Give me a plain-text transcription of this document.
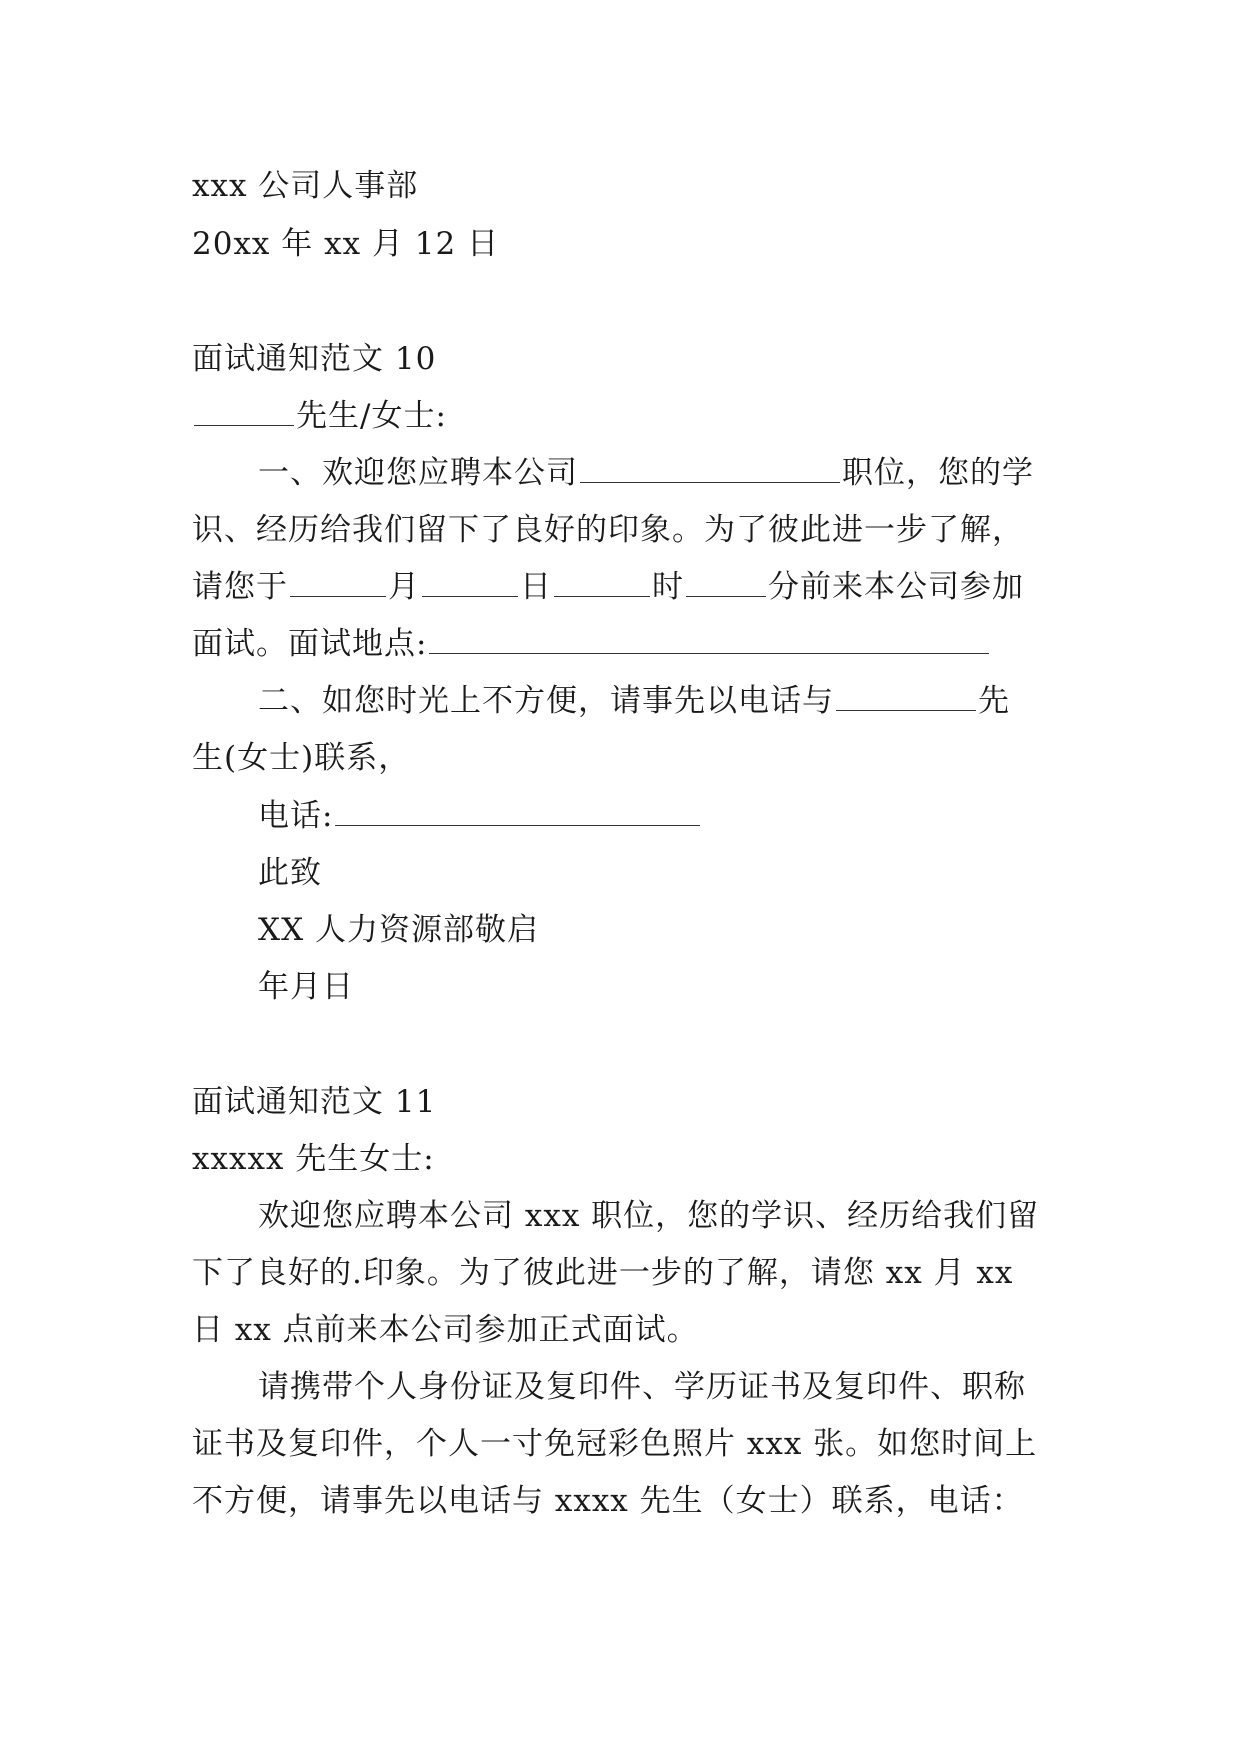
xxx 公司人事部
20xx 年 xx 月 12 日
面试通知范文 10
先生/女士:
一、欢迎您应聘本公司	职位，您的学
识、经历给我们留下了良好的印象。为了彼此进一步了解，
请您于	月	日	时	分前来本公司参加
面试。面试地点:
二、如您时光上不方便，请事先以电话与	先
生(女士)联系，
电话:
此致
XX 人力资源部敬启
年月日
面试通知范文 11
xxxxx 先生女士:
欢迎您应聘本公司 xxx 职位，您的学识、经历给我们留
下了良好的.印象。为了彼此进一步的了解，请您 xx 月 xx
日 xx 点前来本公司参加正式面试。
请携带个人身份证及复印件、学历证书及复印件、职称
证书及复印件，个人一寸免冠彩色照片 xxx 张。如您时间上
不方便，请事先以电话与 xxxx 先生（女士）联系，电话：
